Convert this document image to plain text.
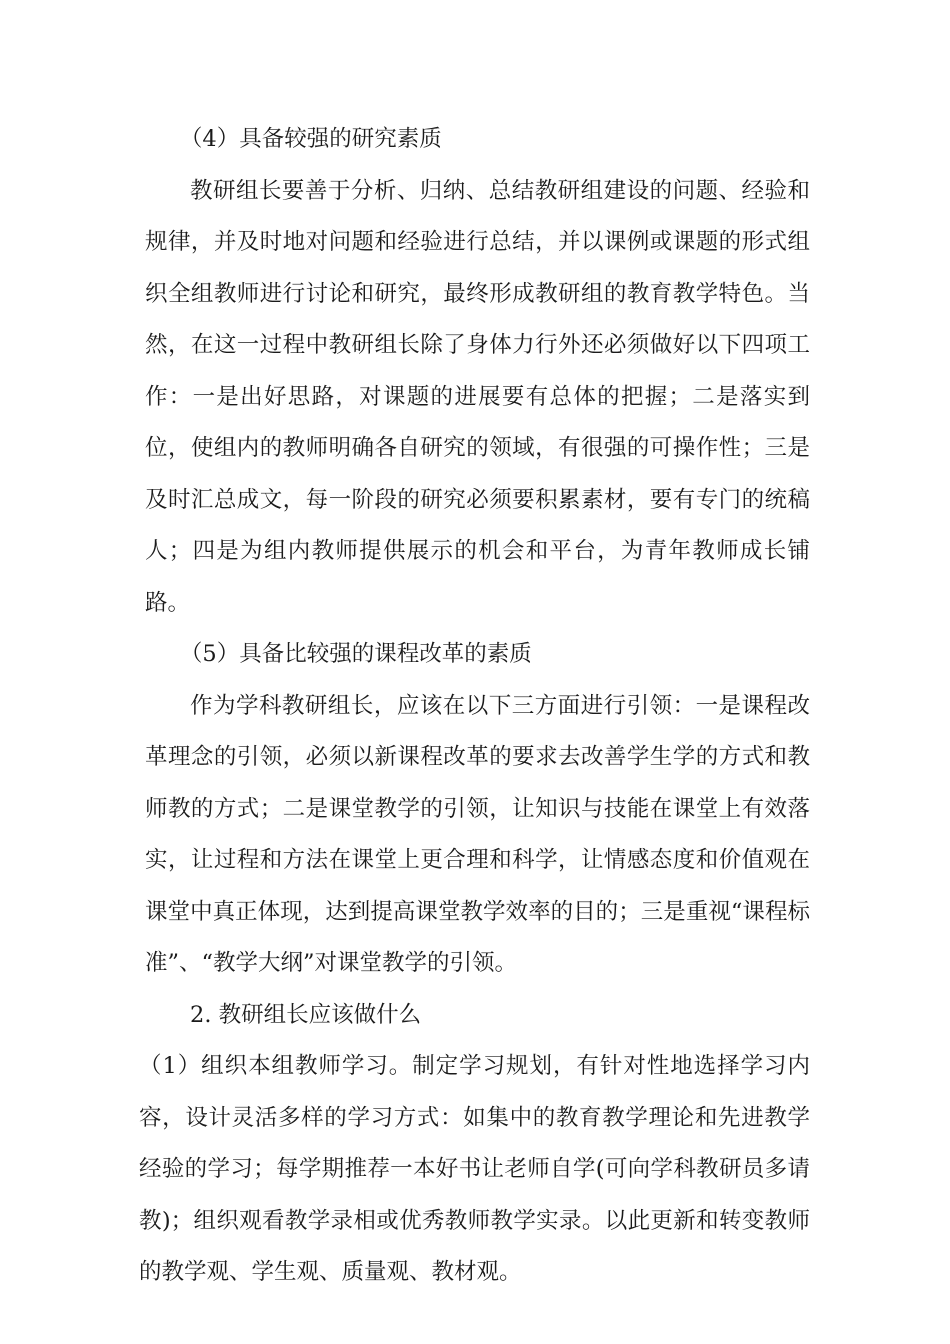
（4）具备较强的研究素质

教研组长要善于分析、归纳、总结教研组建设的问题、经验和规律，并及时地对问题和经验进行总结，并以课例或课题的形式组织全组教师进行讨论和研究，最终形成教研组的教育教学特色。当然，在这一过程中教研组长除了身体力行外还必须做好以下四项工作：一是出好思路，对课题的进展要有总体的把握；二是落实到位，使组内的教师明确各自研究的领域，有很强的可操作性；三是及时汇总成文，每一阶段的研究必须要积累素材，要有专门的统稿人；四是为组内教师提供展示的机会和平台，为青年教师成长铺路。

（5）具备比较强的课程改革的素质

作为学科教研组长，应该在以下三方面进行引领：一是课程改革理念的引领，必须以新课程改革的要求去改善学生学的方式和教师教的方式；二是课堂教学的引领，让知识与技能在课堂上有效落实，让过程和方法在课堂上更合理和科学，让情感态度和价值观在课堂中真正体现，达到提高课堂教学效率的目的；三是重视“课程标准”、“教学大纲”对课堂教学的引领。

2. 教研组长应该做什么

（1）组织本组教师学习。制定学习规划，有针对性地选择学习内容，设计灵活多样的学习方式：如集中的教育教学理论和先进教学经验的学习；每学期推荐一本好书让老师自学(可向学科教研员多请教)；组织观看教学录相或优秀教师教学实录。以此更新和转变教师的教学观、学生观、质量观、教材观。
